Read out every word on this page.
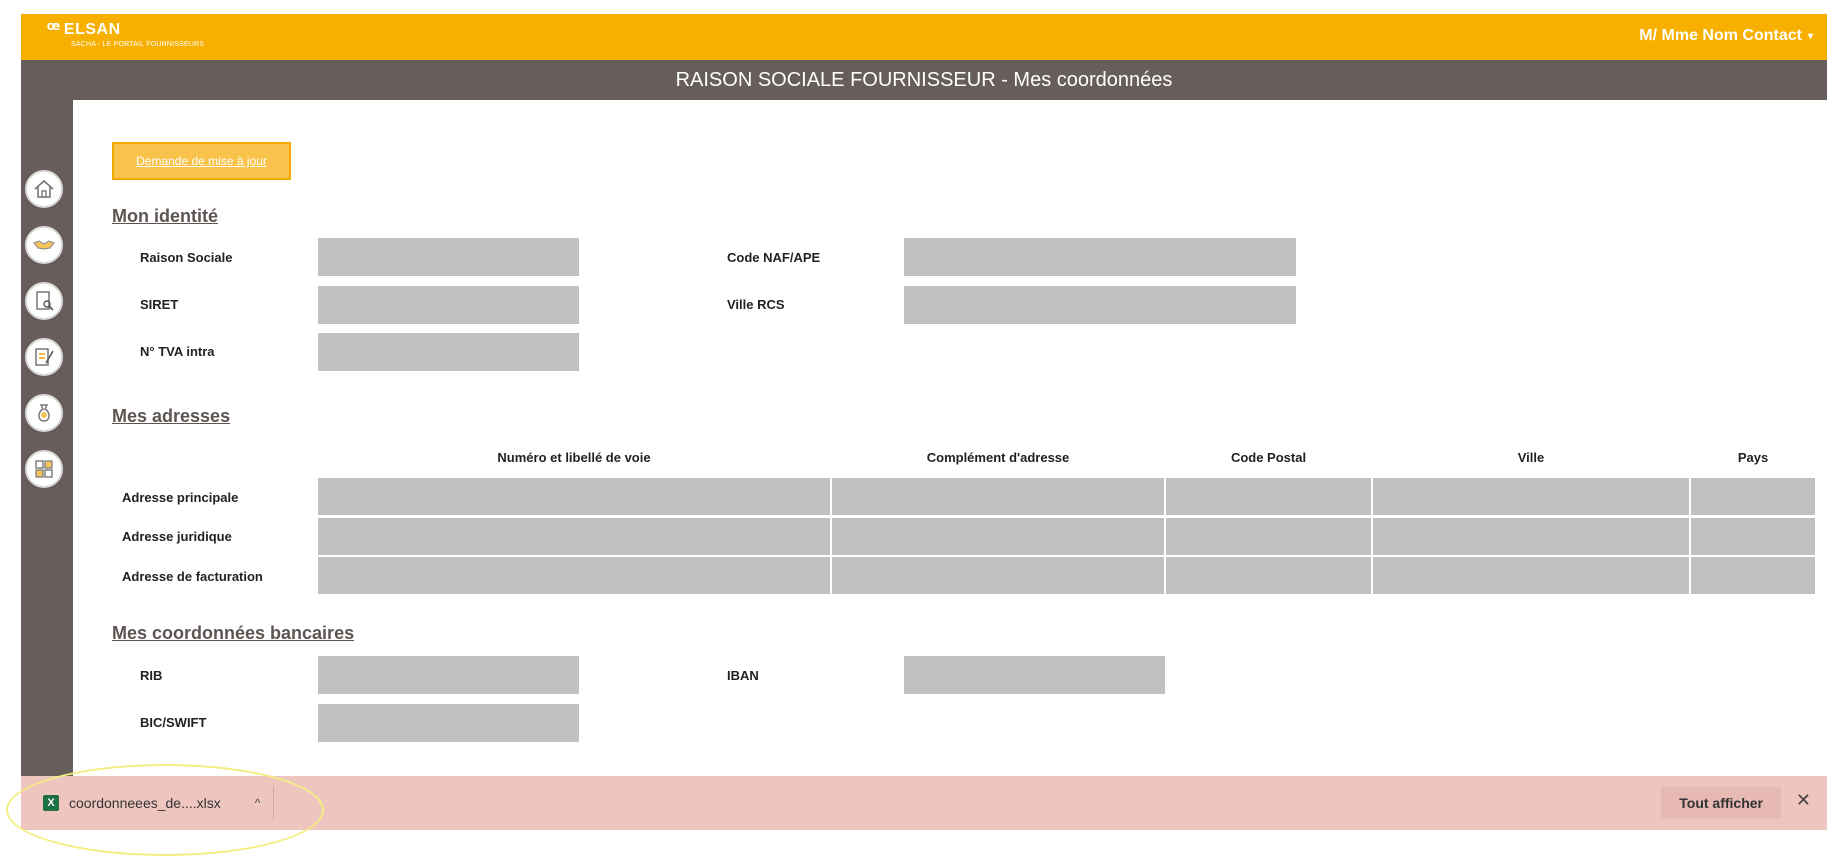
ꟹ ELSAN
SACHA - LE PORTAIL FOURNISSEURS
M/ Mme Nom Contact ▾
RAISON SOCIALE FOURNISSEUR - Mes coordonnées
Demande de mise à jour
Mon identité
Raison Sociale	Code NAF/APE
SIRET	Ville RCS
N° TVA intra
Mes adresses
Numéro et libellé de voie	Complément d'adresse	Code Postal	Ville	Pays
Adresse principale
Adresse juridique
Adresse de facturation
Mes coordonnées bancaires
RIB	IBAN
BIC/SWIFT
X	coordonneees_de....xlsx	^	Tout afficher	✕
